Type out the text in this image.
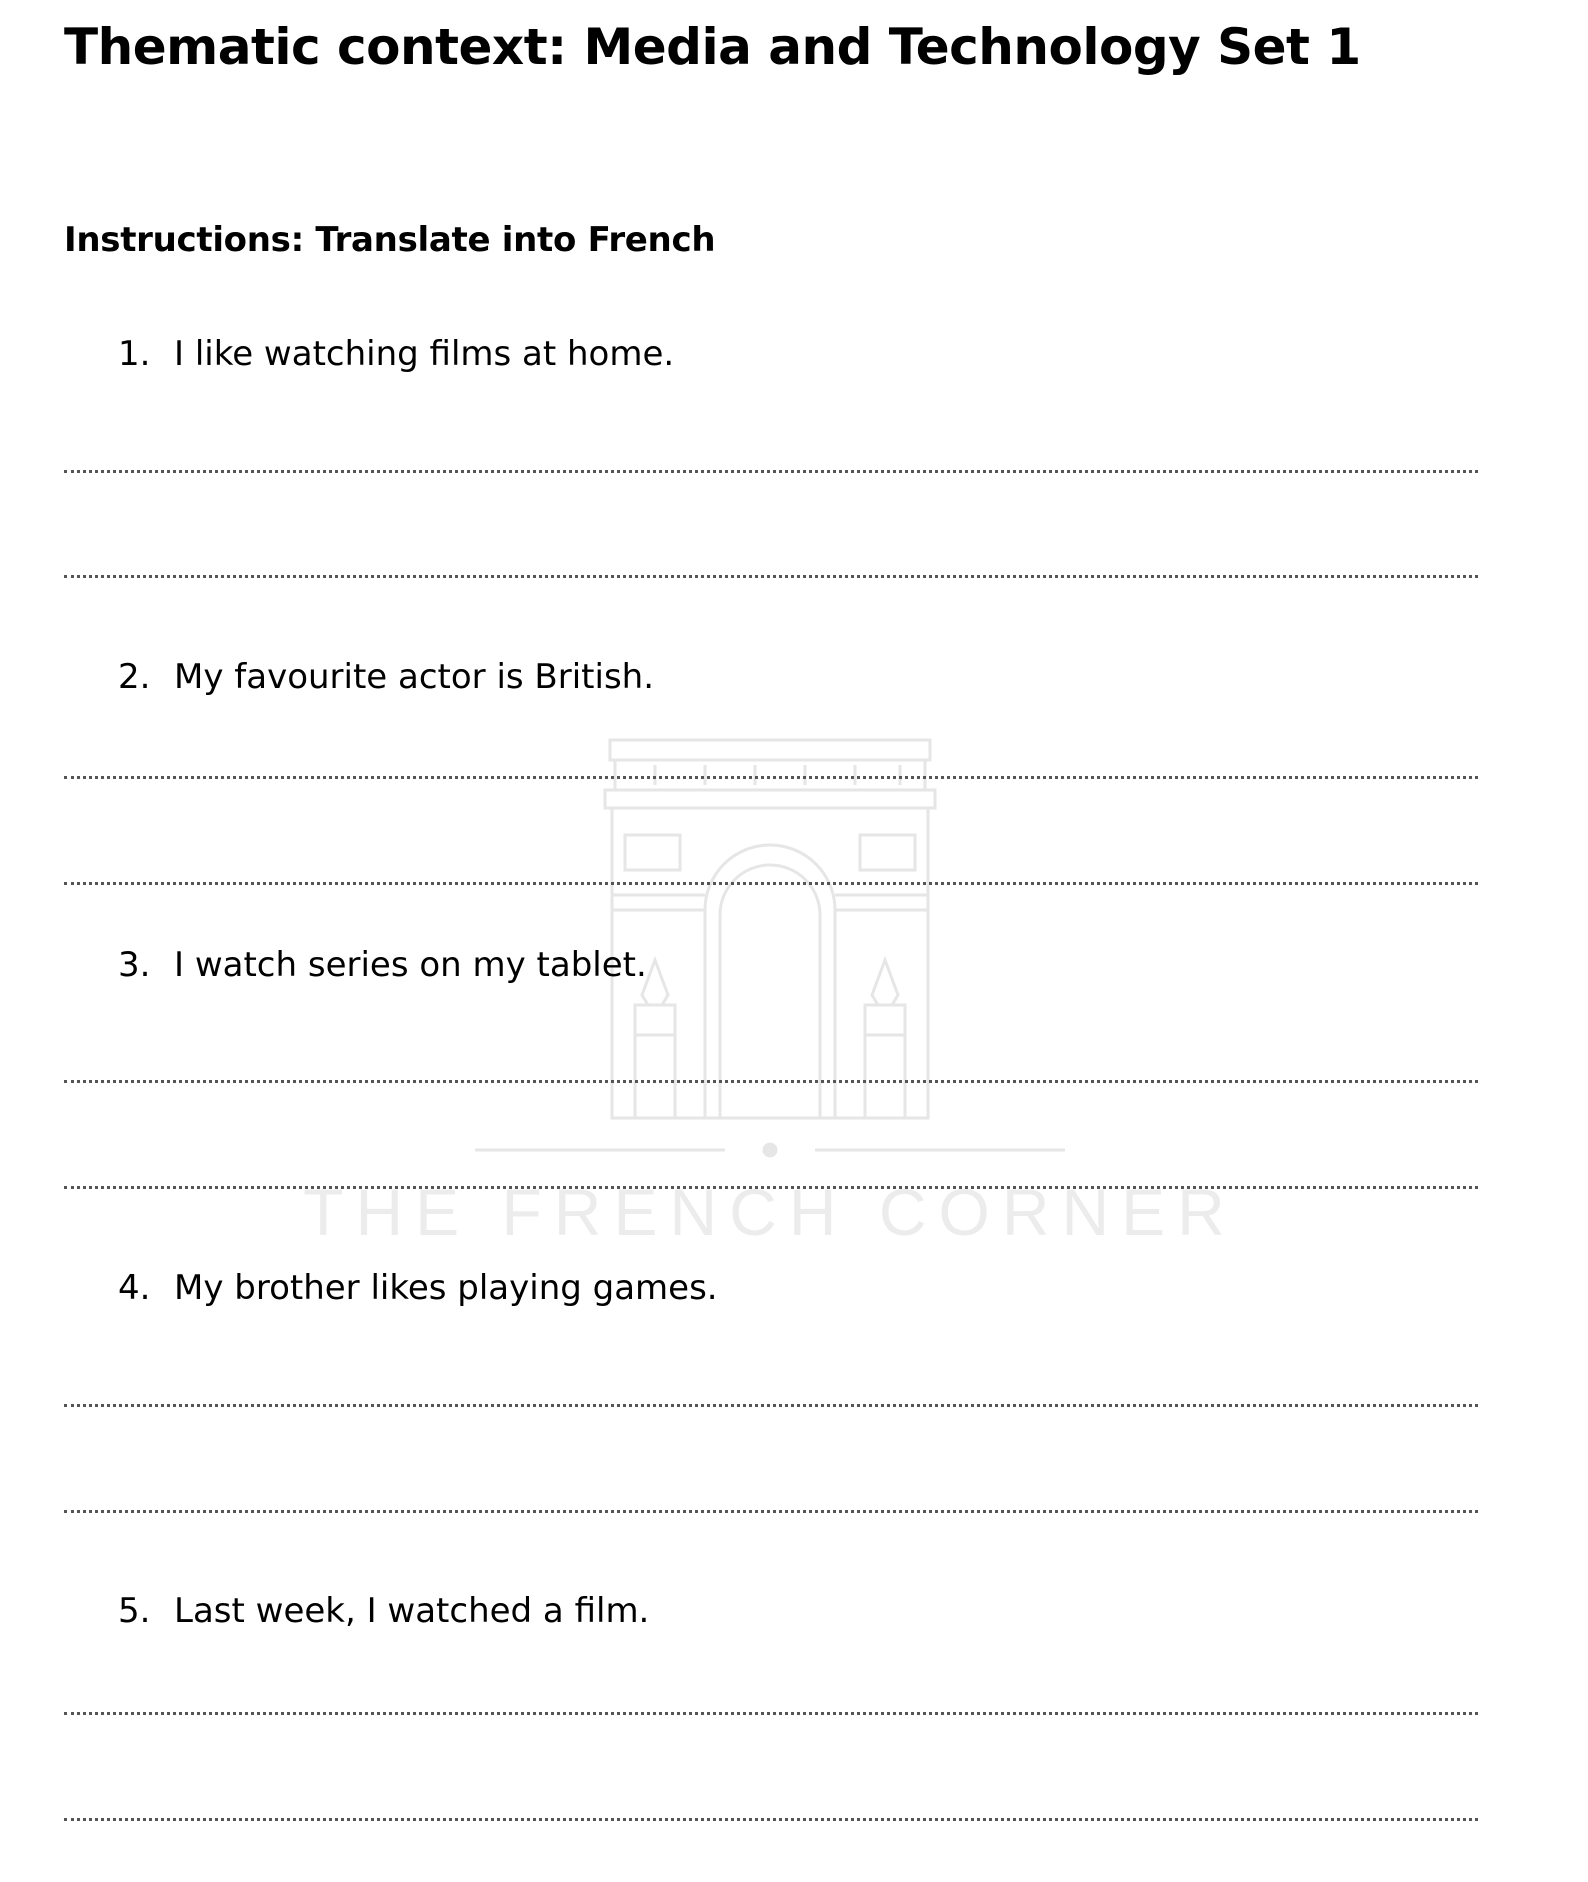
THE FRENCH CORNER
Thematic context: Media and Technology Set 1

Instructions: Translate into French

1. I like watching films at home.

2. My favourite actor is British.

3. I watch series on my tablet.

4. My brother likes playing games.

5. Last week, I watched a film.
